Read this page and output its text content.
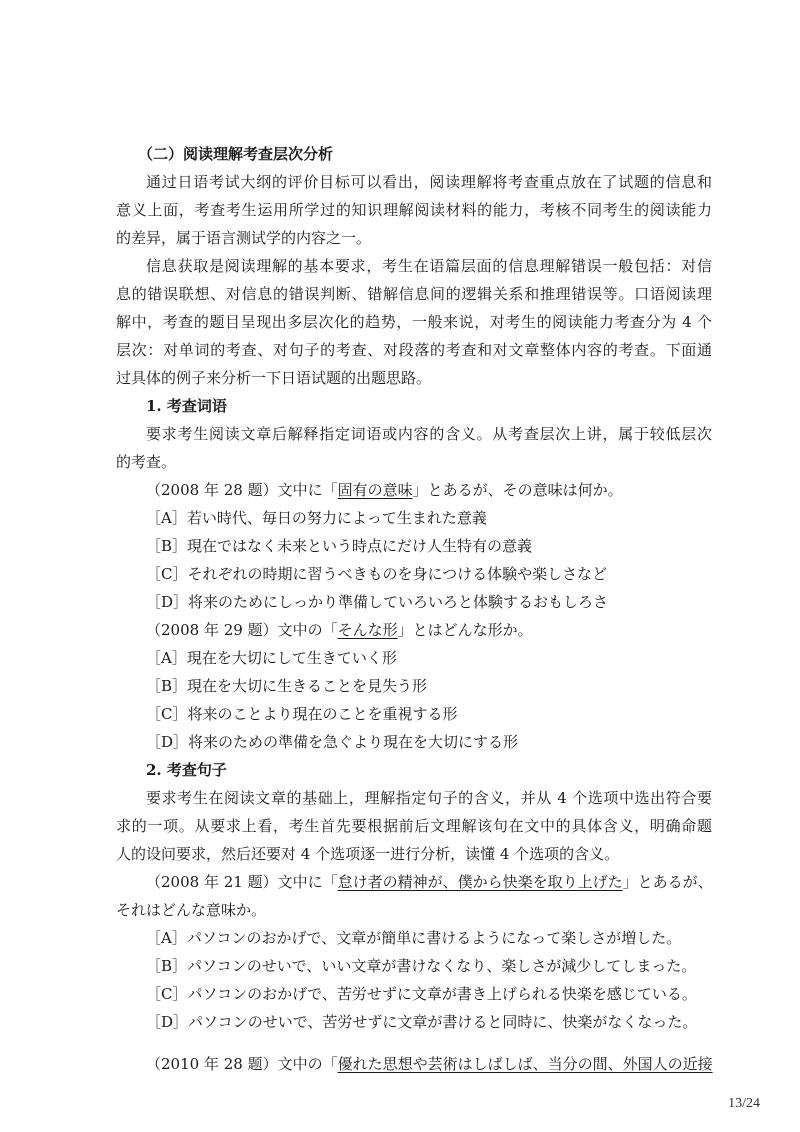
（二）阅读理解考查层次分析
通过日语考试大纲的评价目标可以看出，阅读理解将考查重点放在了试题的信息和
意义上面，考查考生运用所学过的知识理解阅读材料的能力，考核不同考生的阅读能力
的差异，属于语言测试学的内容之一。
信息获取是阅读理解的基本要求，考生在语篇层面的信息理解错误一般包括：对信
息的错误联想、对信息的错误判断、错解信息间的逻辑关系和推理错误等。口语阅读理
解中，考查的题目呈现出多层次化的趋势，一般来说，对考生的阅读能力考查分为 4 个
层次：对单词的考查、对句子的考查、对段落的考查和对文章整体内容的考查。下面通
过具体的例子来分析一下日语试题的出题思路。
1. 考查词语
要求考生阅读文章后解释指定词语或内容的含义。从考查层次上讲，属于较低层次
的考查。
（2008 年 28 题）文中に「固有の意味」とあるが、その意味は何か。
［A］若い時代、毎日の努力によって生まれた意義
［B］現在ではなく未来という時点にだけ人生特有の意義
［C］それぞれの時期に習うべきものを身につける体験や楽しさなど
［D］将来のためにしっかり準備していろいろと体験するおもしろさ
（2008 年 29 题）文中の「そんな形」とはどんな形か。
［A］現在を大切にして生きていく形
［B］現在を大切に生きることを見失う形
［C］将来のことより現在のことを重視する形
［D］将来のための準備を急ぐより現在を大切にする形
2. 考查句子
要求考生在阅读文章的基础上，理解指定句子的含义，并从 4 个选项中选出符合要
求的一项。从要求上看，考生首先要根据前后文理解该句在文中的具体含义，明确命题
人的设问要求，然后还要对 4 个选项逐一进行分析，读懂 4 个选项的含义。
（2008 年 21 题）文中に「怠け者の精神が、僕から快楽を取り上げた」とあるが、
それはどんな意味か。
［A］パソコンのおかげで、文章が簡単に書けるようになって楽しさが増した。
［B］パソコンのせいで、いい文章が書けなくなり、楽しさが減少してしまった。
［C］パソコンのおかげで、苦労せずに文章が書き上げられる快楽を感じている。
［D］パソコンのせいで、苦労せずに文章が書けると同時に、快楽がなくなった。
（2010 年 28 题）文中の「優れた思想や芸術はしばしば、当分の間、外国人の近接
13/24
